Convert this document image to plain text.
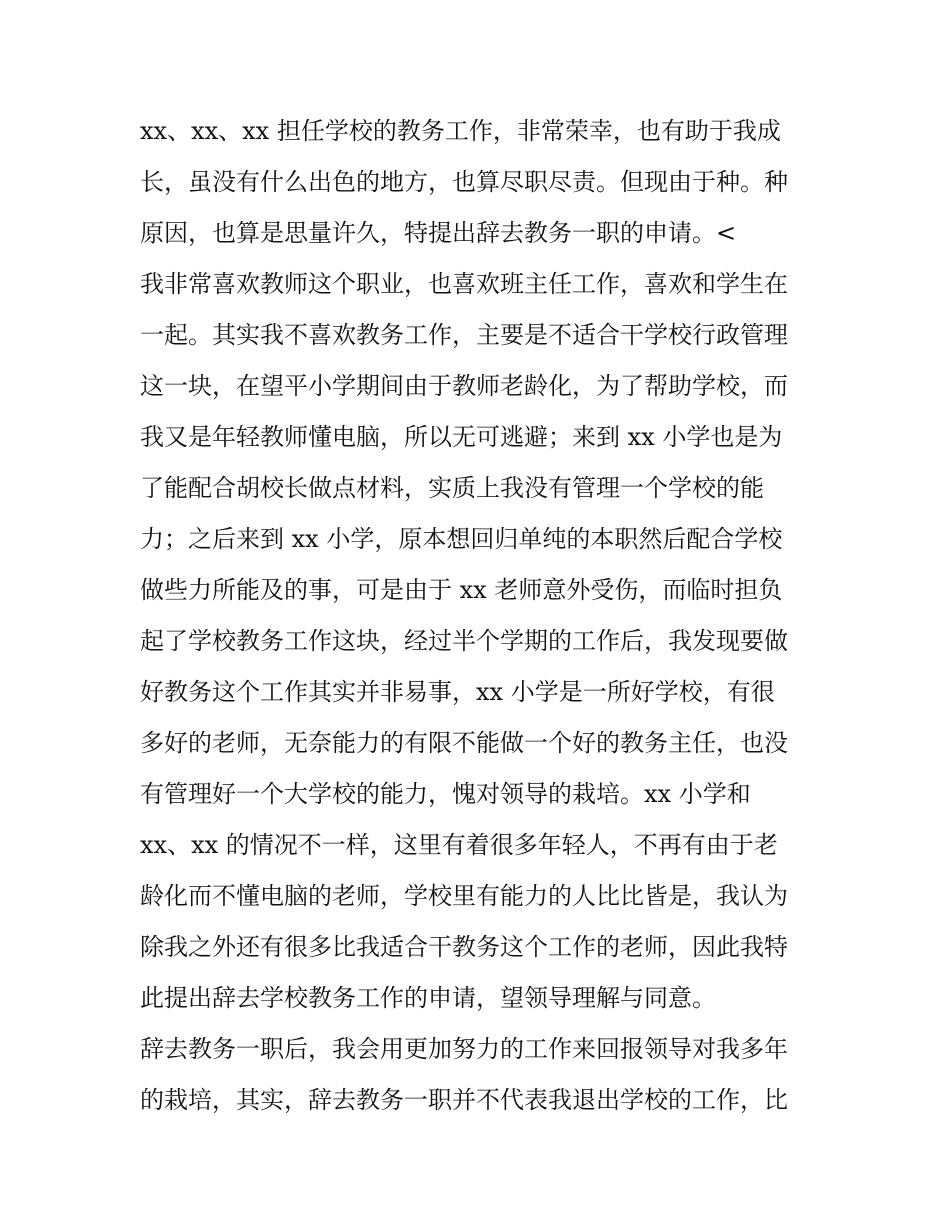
xx、xx、xx 担任学校的教务工作，非常荣幸，也有助于我成
长，虽没有什么出色的地方，也算尽职尽责。但现由于种。种
原因，也算是思量许久，特提出辞去教务一职的申请。<
我非常喜欢教师这个职业，也喜欢班主任工作，喜欢和学生在
一起。其实我不喜欢教务工作，主要是不适合干学校行政管理
这一块，在望平小学期间由于教师老龄化，为了帮助学校，而
我又是年轻教师懂电脑，所以无可逃避；来到 xx 小学也是为
了能配合胡校长做点材料，实质上我没有管理一个学校的能
力；之后来到 xx 小学，原本想回归单纯的本职然后配合学校
做些力所能及的事，可是由于 xx 老师意外受伤，而临时担负
起了学校教务工作这块，经过半个学期的工作后，我发现要做
好教务这个工作其实并非易事，xx 小学是一所好学校，有很
多好的老师，无奈能力的有限不能做一个好的教务主任，也没
有管理好一个大学校的能力，愧对领导的栽培。xx 小学和
xx、xx 的情况不一样，这里有着很多年轻人，不再有由于老
龄化而不懂电脑的老师，学校里有能力的人比比皆是，我认为
除我之外还有很多比我适合干教务这个工作的老师，因此我特
此提出辞去学校教务工作的申请，望领导理解与同意。
辞去教务一职后，我会用更加努力的工作来回报领导对我多年
的栽培，其实，辞去教务一职并不代表我退出学校的工作，比
